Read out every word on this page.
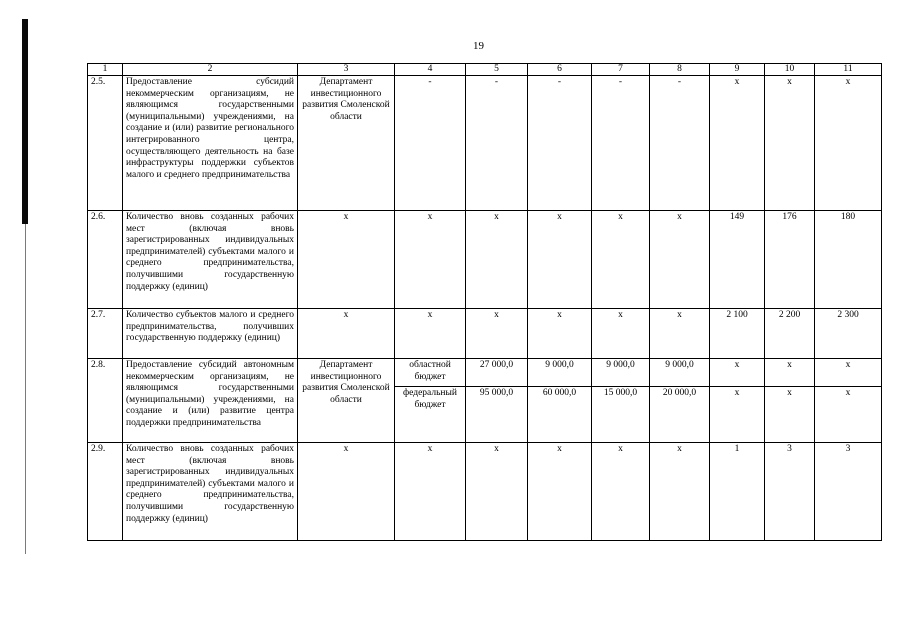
19
1	2	3	4	5	6	7	8	9	10	11
2.5.	Предоставление субсидий некоммерческим организациям, не являющимся государственными (муниципальными) учреждениями, на создание и (или) развитие регионального интегрированного центра, осуществляющего деятельность на базе инфраструктуры поддержки субъектов малого и среднего предпринимательства	Департамент инвестиционного развития Смоленской области	-	-	-	-	-	х	х	х
2.6.	Количество вновь созданных рабочих мест (включая вновь зарегистрированных индивидуальных предпринимателей) субъектами малого и среднего предпринимательства, получившими государственную поддержку (единиц)	х	х	х	х	х	х	149	176	180
2.7.	Количество субъектов малого и среднего предпринимательства, получивших государственную поддержку (единиц)	х	х	х	х	х	х	2 100	2 200	2 300
2.8.	Предоставление субсидий автономным некоммерческим организациям, не являющимся государственными (муниципальными) учреждениями, на создание и (или) развитие центра поддержки предпринимательства	Департамент инвестиционного развития Смоленской области	областной бюджет	27 000,0	9 000,0	9 000,0	9 000,0	х	х	х
			федеральный бюджет	95 000,0	60 000,0	15 000,0	20 000,0	х	х	х
2.9.	Количество вновь созданных рабочих мест (включая вновь зарегистрированных индивидуальных предпринимателей) субъектами малого и среднего предпринимательства, получившими государственную поддержку (единиц)	х	х	х	х	х	х	1	3	3
